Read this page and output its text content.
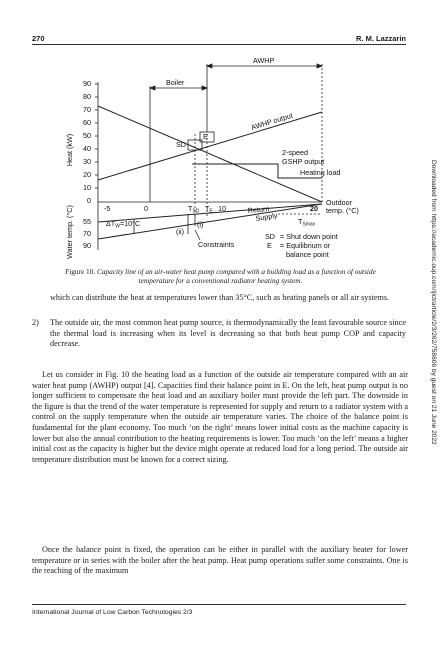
270	R. M. Lazzarin
Downloaded from https://academic.oup.com/ijlct/article/2/3/262/758606 by guest on 21 June 2022
90
80
70
60
50
40
30
20
10
0
-5	0	10	20
55
70
90
Heat (kW)
Water temp. (°C)
AWHP
Boiler
SD
E
AWHP output
2-speed
GSHP output
Heating load
Outdoor
temp. (°C)
Return
Supply	$T_{Smax}$
$T_{SD}$ $T_E$
$\Delta T_W=10^\circ C$	(i)
(ii)
Constraints
SD = Shut down point
E = Equilibrium or
balance point
Figure 10. Capacity line of an air-water heat pump compared with a building load as a function of outside temperature for a conventional radiator heating system.
which can distribute the heat at temperatures lower than 35°C, such as heating panels or all air systems.
2) The outside air, the most common heat pump source, is thermodynamically the least favourable source since the thermal load is increasing when its level is decreasing so that both heat pump COP and capacity decrease.
Let us consider in Fig. 10 the heating load as a function of the outside air temperature compared with an air water heat pump (AWHP) output [4]. Capacities find their balance point in E. On the left, heat pump output is no longer sufficient to compensate the heat load and an auxiliary boiler must provide the left part. The downside in the figure is that the trend of the water temperature is represented for supply and return to a radiator system with a control on the supply temperature when the outside air temperature varies. The choice of the balance point is fundamental for the plant economy. Too much ‘on the right’ means lower initial costs as the machine capacity is lower but also the annual contribution to the heating requirements is lower. Too much ‘on the left’ means a higher initial cost as the capacity is higher but the device might operate at reduced load for a long period. The outside air temperature distribution must be known for a correct sizing.
Once the balance point is fixed, the operation can be either in parallel with the auxiliary heater for lower temperature or in series with the boiler after the heat pump. Heat pump operations suffer some constraints. One is the reaching of the maximum
International Journal of Low Carbon Technologies 2/3
